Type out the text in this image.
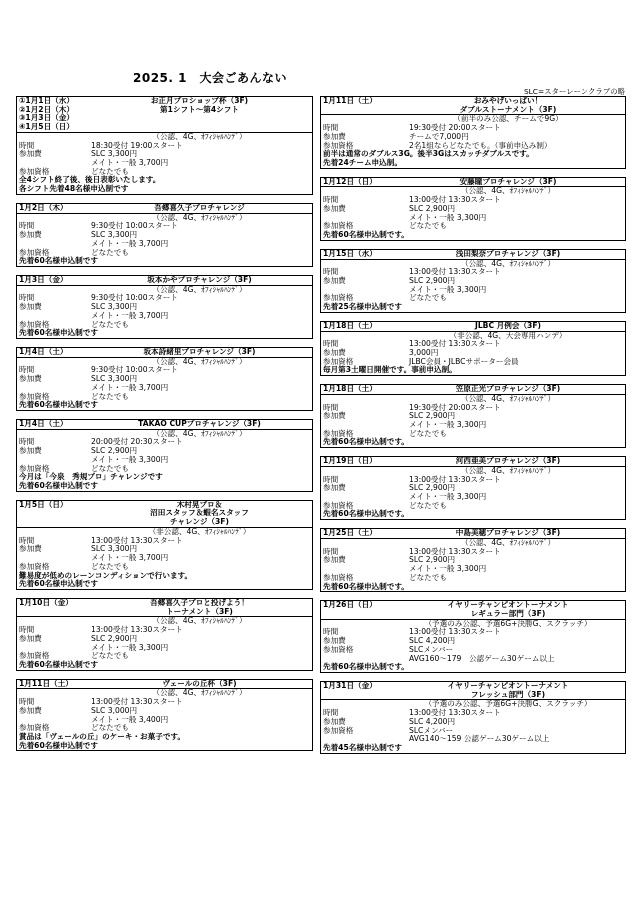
2025. 1　大会ごあんない
SLC=スターレーンクラブの略
①1月1日（水）
②1月2日（木）
③1月3日（金）
④1月5日（日）
お正月プロショップ杯（3F)
第1シフト〜第4シフト
（公認、4G、ｵﾌｨｼｬﾙﾊﾝﾃﾞ）
時間	18:30受付 19:00スタート
参加費	SLC 3,300円
メイト・一般 3,700円
参加資格	どなたでも
全4シフト終了後、後日表彰いたします。
各シフト先着48名様申込制です
1月2日（木）	吾郷喜久子プロチャレンジ
（公認、4G、ｵﾌｨｼｬﾙﾊﾝﾃﾞ）
時間	9:30受付 10:00スタート
参加費	SLC 3,300円
メイト・一般 3,700円
参加資格	どなたでも
先着60名様申込制です
1月3日（金）	坂本かやプロチャレンジ（3F)
（公認、4G、ｵﾌｨｼｬﾙﾊﾝﾃﾞ）
時間	9:30受付 10:00スタート
参加費	SLC 3,300円
メイト・一般 3,700円
参加資格	どなたでも
先着60名様申込制です
1月4日（土）	坂本詩緒里プロチャレンジ（3F)
（公認、4G、ｵﾌｨｼｬﾙﾊﾝﾃﾞ）
時間	9:30受付 10:00スタート
参加費	SLC 3,300円
メイト・一般 3,700円
参加資格	どなたでも
先着60名様申込制です
1月4日（土）	TAKAO CUPプロチャレンジ（3F)
（公認、4G、ｵﾌｨｼｬﾙﾊﾝﾃﾞ）
時間	20:00受付 20:30スタート
参加費	SLC 2,900円
メイト・一般 3,300円
参加資格	どなたでも
今月は「今泉　秀規プロ」チャレンジです
先着60名様申込制です
1月5日（日）	木村晃プロ＆
沼田スタッフ＆蝦名スタッフ
チャレンジ（3F)
（非公認、4G、ｵﾌｨｼｬﾙﾊﾝﾃﾞ）
時間	13:00受付 13:30スタート
参加費	SLC 3,300円
メイト・一般 3,700円
参加資格	どなたでも
難易度が低めのレーンコンディションで行います。
先着60名様申込制です
1月10日（金）	吾郷喜久子プロと投げよう！
トーナメント（3F)
（公認、4G、ｵﾌｨｼｬﾙﾊﾝﾃﾞ）
時間	13:00受付 13:30スタート
参加費	SLC 2,900円
メイト・一般 3,300円
参加資格	どなたでも
先着60名様申込制です
1月11日（土）	ヴェールの丘杯（3F)
（公認、4G、ｵﾌｨｼｬﾙﾊﾝﾃﾞ）
時間	13:00受付 13:30スタート
参加費	SLC 3,000円
メイト・一般 3,400円
参加資格	どなたでも
賞品は「ヴェールの丘」のケーキ・お菓子です。
先着60名様申込制です
1月11日（土）	おみやげいっぱい！
ダブルストーナメント（3F)
（前半のみ公認、チームで9G）
時間	19:30受付 20:00スタート
参加費	チームで7,000円
参加資格	2名1組ならどなたでも。（事前申込み制）
前半は通常のダブルス3G。後半3Gはスカッチダブルスです。
先着24チーム申込制。
1月12日（日）	安藤瞳プロチャレンジ（3F)
（公認、4G、ｵﾌｨｼｬﾙﾊﾝﾃﾞ）
時間	13:00受付 13:30スタート
参加費	SLC 2,900円
メイト・一般 3,300円
参加資格	どなたでも
先着60名様申込制です。
1月15日（水）	浅田梨奈プロチャレンジ（3F)
（公認、4G、ｵﾌｨｼｬﾙﾊﾝﾃﾞ）
時間	13:00受付 13:30スタート
参加費	SLC 2,900円
メイト・一般 3,300円
参加資格	どなたでも
先着25名様申込制です
1月18日（土）	JLBC 月例会（3F)
（非公認、4G、大会専用ハンデ）
時間	13:00受付 13:30スタート
参加費	3,000円
参加資格	JLBC会員・JLBCサポーター会員
毎月第3土曜日開催です。事前申込制。
1月18日（土）	笠原正光プロチャレンジ（3F)
（公認、4G、ｵﾌｨｼｬﾙﾊﾝﾃﾞ）
時間	19:30受付 20:00スタート
参加費	SLC 2,900円
メイト・一般 3,300円
参加資格	どなたでも
先着60名様申込制です。
1月19日（日）	河西亜美プロチャレンジ（3F)
（公認、4G、ｵﾌｨｼｬﾙﾊﾝﾃﾞ）
時間	13:00受付 13:30スタート
参加費	SLC 2,900円
メイト・一般 3,300円
参加資格	どなたでも
先着60名様申込制です。
1月25日（土）	中島美穂プロチャレンジ（3F)
（公認、4G、ｵﾌｨｼｬﾙﾊﾝﾃﾞ）
時間	13:00受付 13:30スタート
参加費	SLC 2,900円
メイト・一般 3,300円
参加資格	どなたでも
先着60名様申込制です。
1月26日（日）	イヤリーチャンピオントーナメント
レギュラー部門（3F)
（予選のみ公認、予選6G+決勝G、スクラッチ）
時間	13:00受付 13:30スタート
参加費	SLC 4,200円
参加資格	SLCメンバー
AVG160～179　公認ゲーム30ゲーム以上
先着60名様申込制です。
1月31日（金）	イヤリーチャンピオントーナメント
フレッシュ部門（3F)
（予選のみ公認、予選6G+決勝G、スクラッチ）
時間	13:00受付 13:30スタート
参加費	SLC 4,200円
参加資格	SLCメンバー
AVG140～159 公認ゲーム30ゲーム以上
先着45名様申込制です
